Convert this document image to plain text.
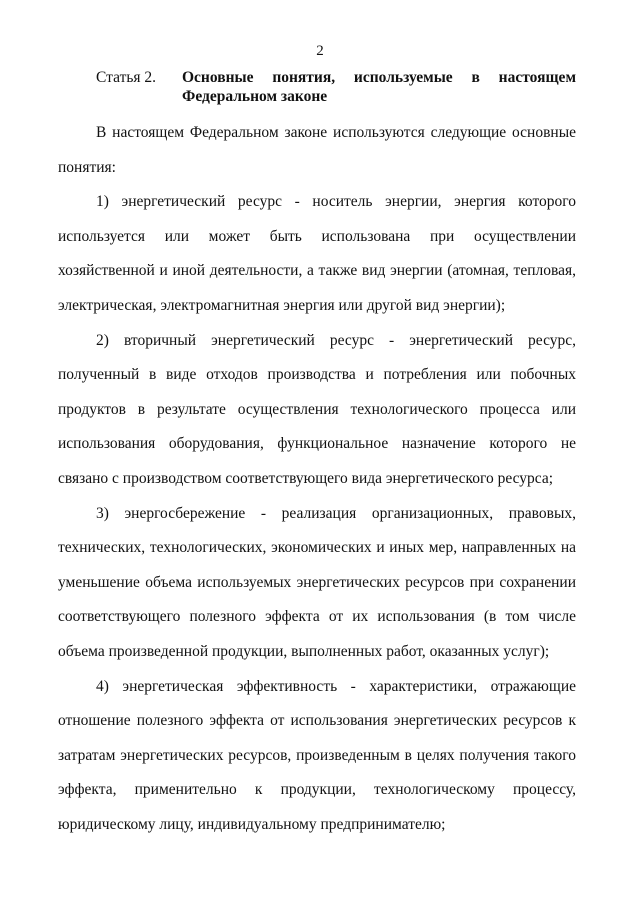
2
Статья 2. Основные понятия, используемые в настоящем
Федеральном законе

В настоящем Федеральном законе используются следующие основные понятия:

1) энергетический ресурс - носитель энергии, энергия которого используется или может быть использована при осуществлении хозяйственной и иной деятельности, а также вид энергии (атомная, тепловая, электрическая, электромагнитная энергия или другой вид энергии);

2) вторичный энергетический ресурс - энергетический ресурс, полученный в виде отходов производства и потребления или побочных продуктов в результате осуществления технологического процесса или использования оборудования, функциональное назначение которого не связано с производством соответствующего вида энергетического ресурса;

3) энергосбережение - реализация организационных, правовых, технических, технологических, экономических и иных мер, направленных на уменьшение объема используемых энергетических ресурсов при сохранении соответствующего полезного эффекта от их использования (в том числе объема произведенной продукции, выполненных работ, оказанных услуг);

4) энергетическая эффективность - характеристики, отражающие отношение полезного эффекта от использования энергетических ресурсов к затратам энергетических ресурсов, произведенным в целях получения такого эффекта, применительно к продукции, технологическому процессу, юридическому лицу, индивидуальному предпринимателю;
